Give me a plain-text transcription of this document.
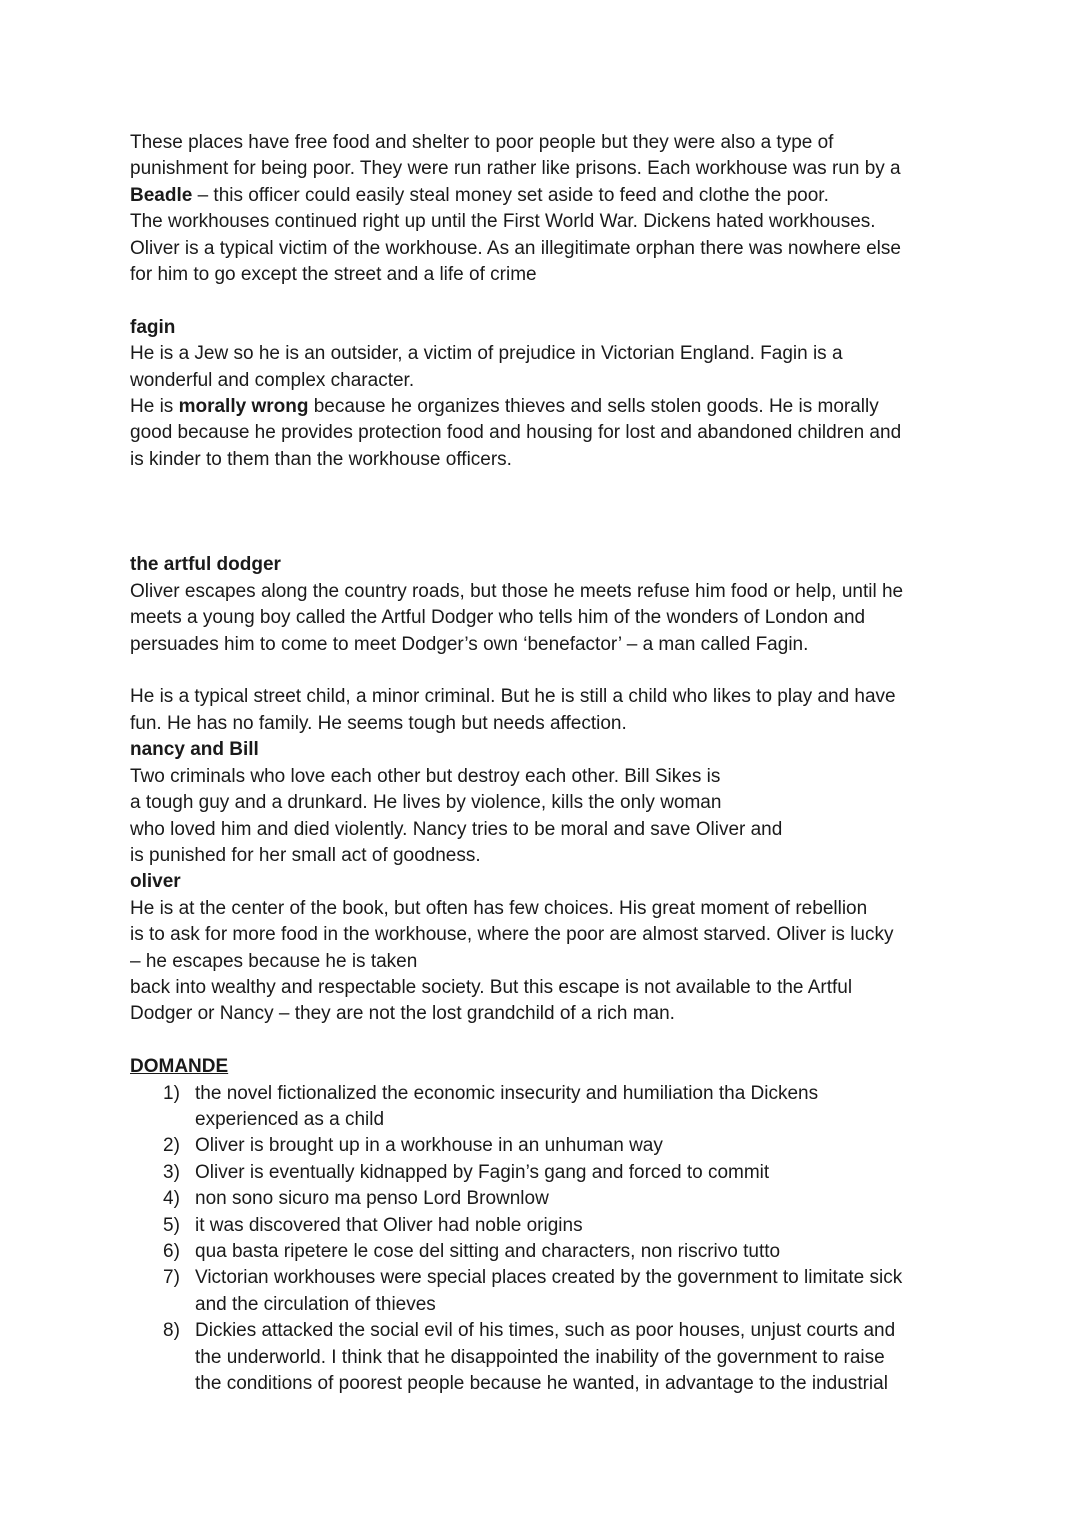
These places have free food and shelter to poor people but they were also a type of
punishment for being poor. They were run rather like prisons. Each workhouse was run by a
Beadle – this officer could easily steal money set aside to feed and clothe the poor.
The workhouses continued right up until the First World War. Dickens hated workhouses.
Oliver is a typical victim of the workhouse. As an illegitimate orphan there was nowhere else
for him to go except the street and a life of crime

fagin
He is a Jew so he is an outsider, a victim of prejudice in Victorian England. Fagin is a
wonderful and complex character.
He is morally wrong because he organizes thieves and sells stolen goods. He is morally
good because he provides protection food and housing for lost and abandoned children and
is kinder to them than the workhouse officers.

the artful dodger
Oliver escapes along the country roads, but those he meets refuse him food or help, until he
meets a young boy called the Artful Dodger who tells him of the wonders of London and
persuades him to come to meet Dodger’s own ‘benefactor’ – a man called Fagin.

He is a typical street child, a minor criminal. But he is still a child who likes to play and have
fun. He has no family. He seems tough but needs affection.

nancy and Bill
Two criminals who love each other but destroy each other. Bill Sikes is
a tough guy and a drunkard. He lives by violence, kills the only woman
who loved him and died violently. Nancy tries to be moral and save Oliver and
is punished for her small act of goodness.

oliver
He is at the center of the book, but often has few choices. His great moment of rebellion
is to ask for more food in the workhouse, where the poor are almost starved. Oliver is lucky
– he escapes because he is taken
back into wealthy and respectable society. But this escape is not available to the Artful
Dodger or Nancy – they are not the lost grandchild of a rich man.

DOMANDE
1) the novel fictionalized the economic insecurity and humiliation tha Dickens
experienced as a child
2) Oliver is brought up in a workhouse in an unhuman way
3) Oliver is eventually kidnapped by Fagin’s gang and forced to commit
4) non sono sicuro ma penso Lord Brownlow
5) it was discovered that Oliver had noble origins
6) qua basta ripetere le cose del sitting and characters, non riscrivo tutto
7) Victorian workhouses were special places created by the government to limitate sick
and the circulation of thieves
8) Dickies attacked the social evil of his times, such as poor houses, unjust courts and
the underworld. I think that he disappointed the inability of the government to raise
the conditions of poorest people because he wanted, in advantage to the industrial
